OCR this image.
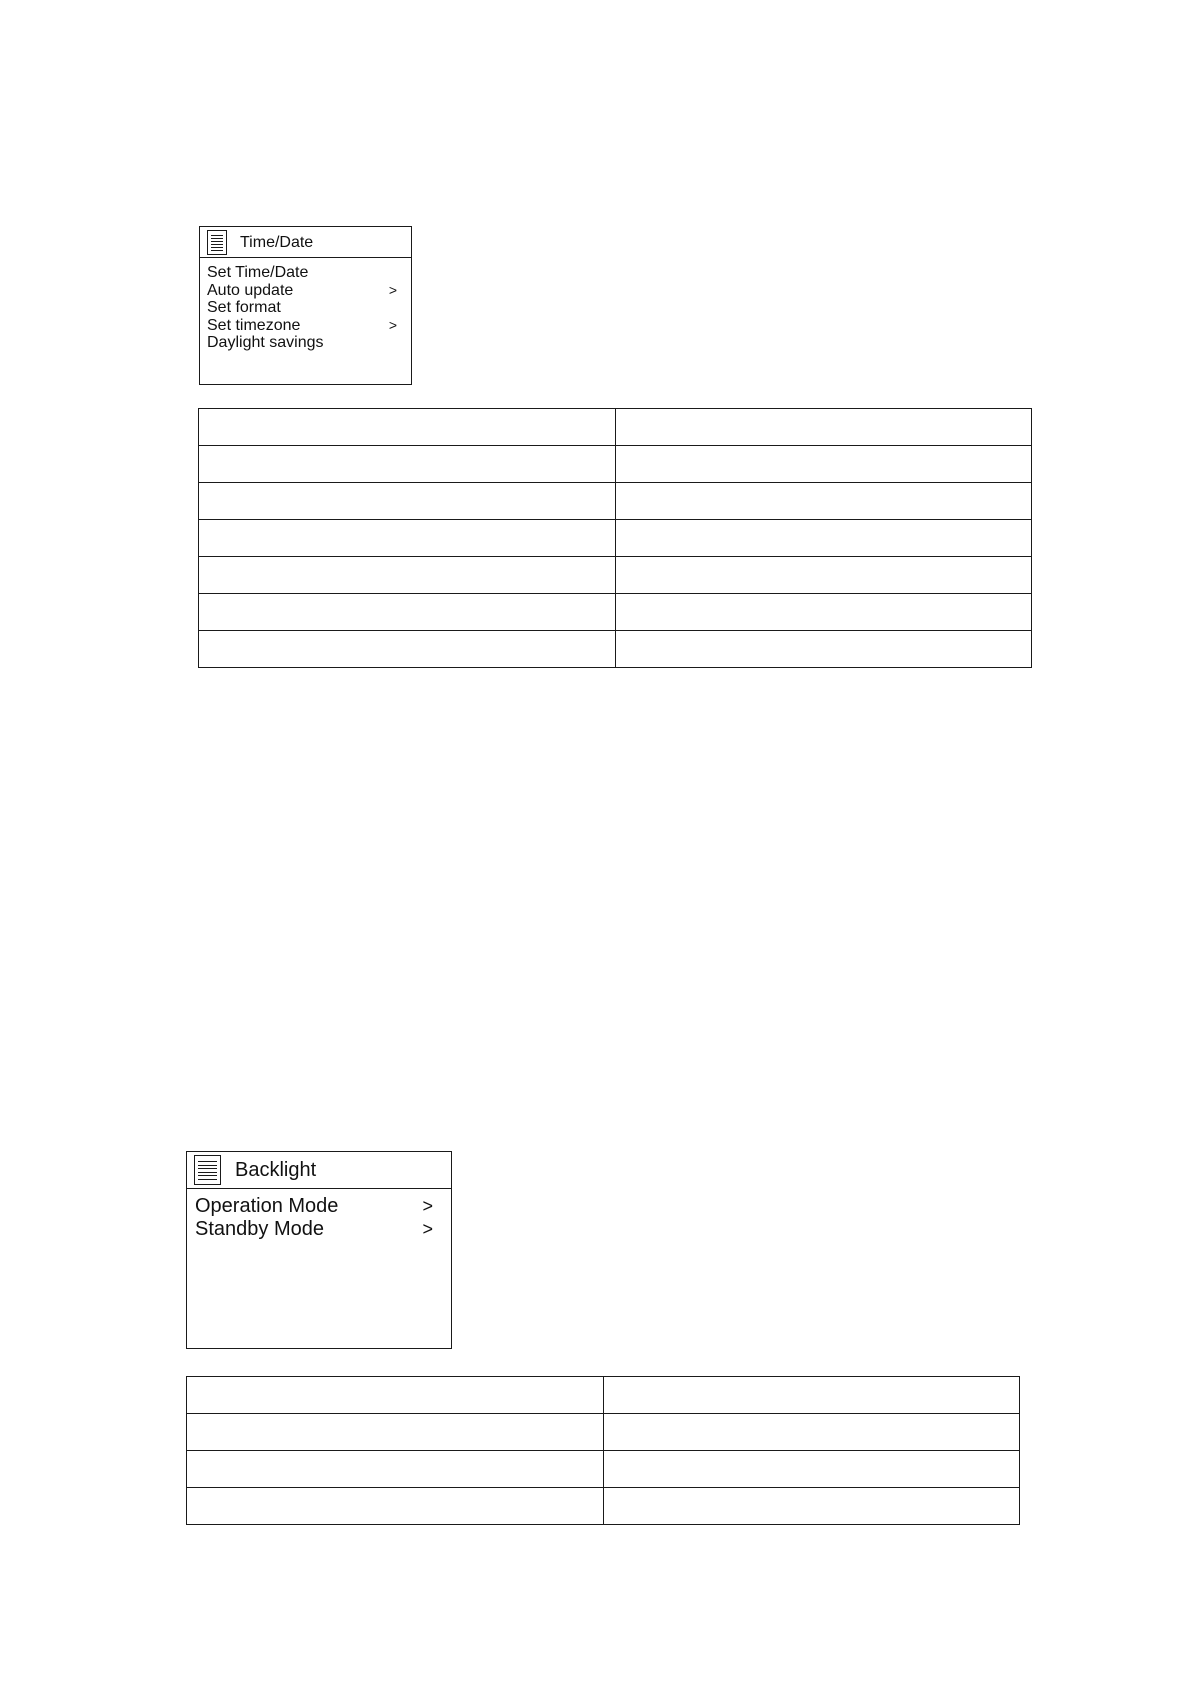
Time/Date
Set Time/Date
Auto update	>
Set format
Set timezone	>
Daylight savings

Backlight
Operation Mode	>
Standby Mode	>
